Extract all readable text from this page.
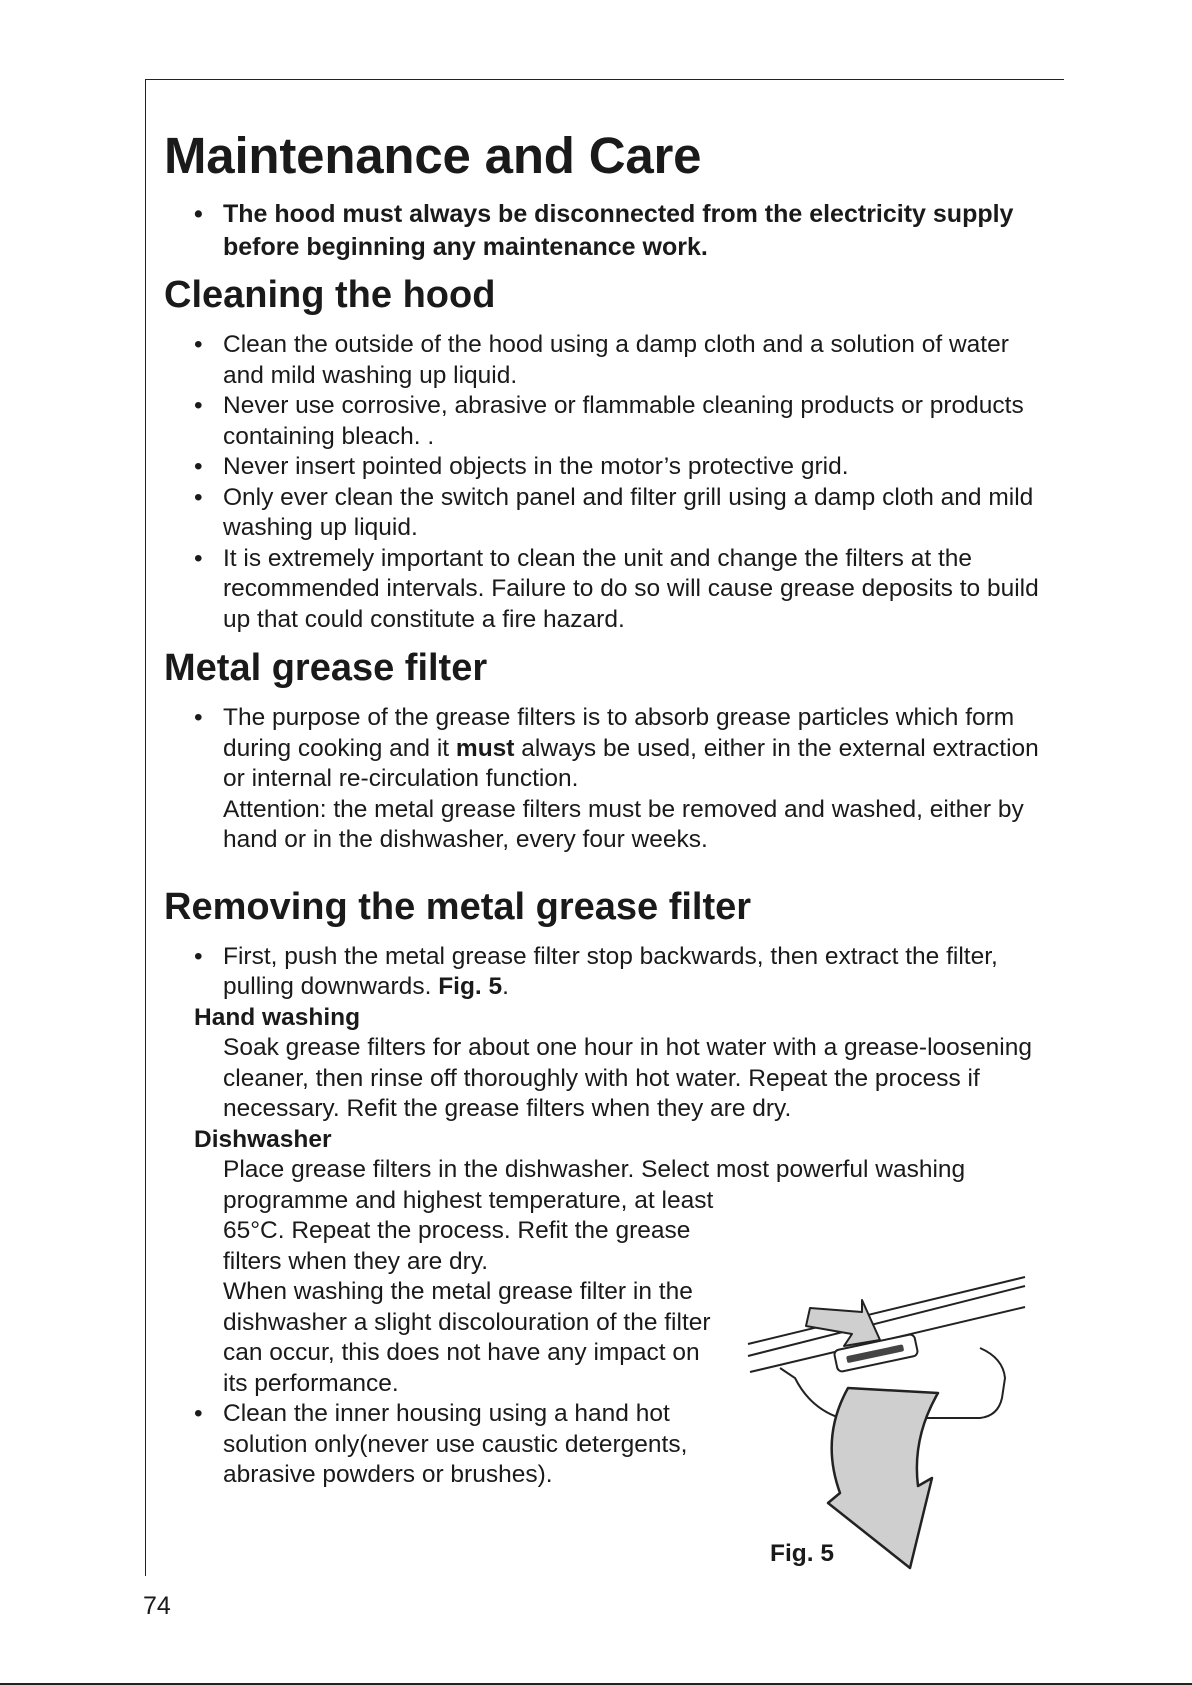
Maintenance and Care
• The hood must always be disconnected from the electricity supply before beginning any maintenance work.
Cleaning the hood
• Clean the outside of the hood using a damp cloth and a solution of water and mild washing up liquid.
• Never use corrosive, abrasive or flammable cleaning products or products containing bleach. .
• Never insert pointed objects in the motor’s protective grid.
• Only ever clean the switch panel and filter grill using a damp cloth and mild washing up liquid.
• It is extremely important to clean the unit and change the filters at the recommended intervals. Failure to do so will cause grease deposits to build up that could constitute a fire hazard.
Metal grease filter
• The purpose of the grease filters is to absorb grease particles which form during cooking and it must always be used, either in the external extraction or internal re-circulation function.
Attention: the metal grease filters must be removed and washed, either by hand or in the dishwasher, every four weeks.
Removing the metal grease filter
• First, push the metal grease filter stop backwards, then extract the filter, pulling downwards. Fig. 5.
Hand washing
Soak grease filters for about one hour in hot water with a grease-loosening cleaner, then rinse off thoroughly with hot water. Repeat the process if necessary. Refit the grease filters when they are dry.
Dishwasher
Place grease filters in the dishwasher. Select most powerful washing
programme and highest temperature, at least 65°C. Repeat the process. Refit the grease filters when they are dry.
When washing the metal grease filter in the dishwasher a slight discolouration of the filter can occur, this does not have any impact on its performance.
• Clean the inner housing using a hand hot solution only(never use caustic detergents, abrasive powders or brushes).
Fig. 5
74
